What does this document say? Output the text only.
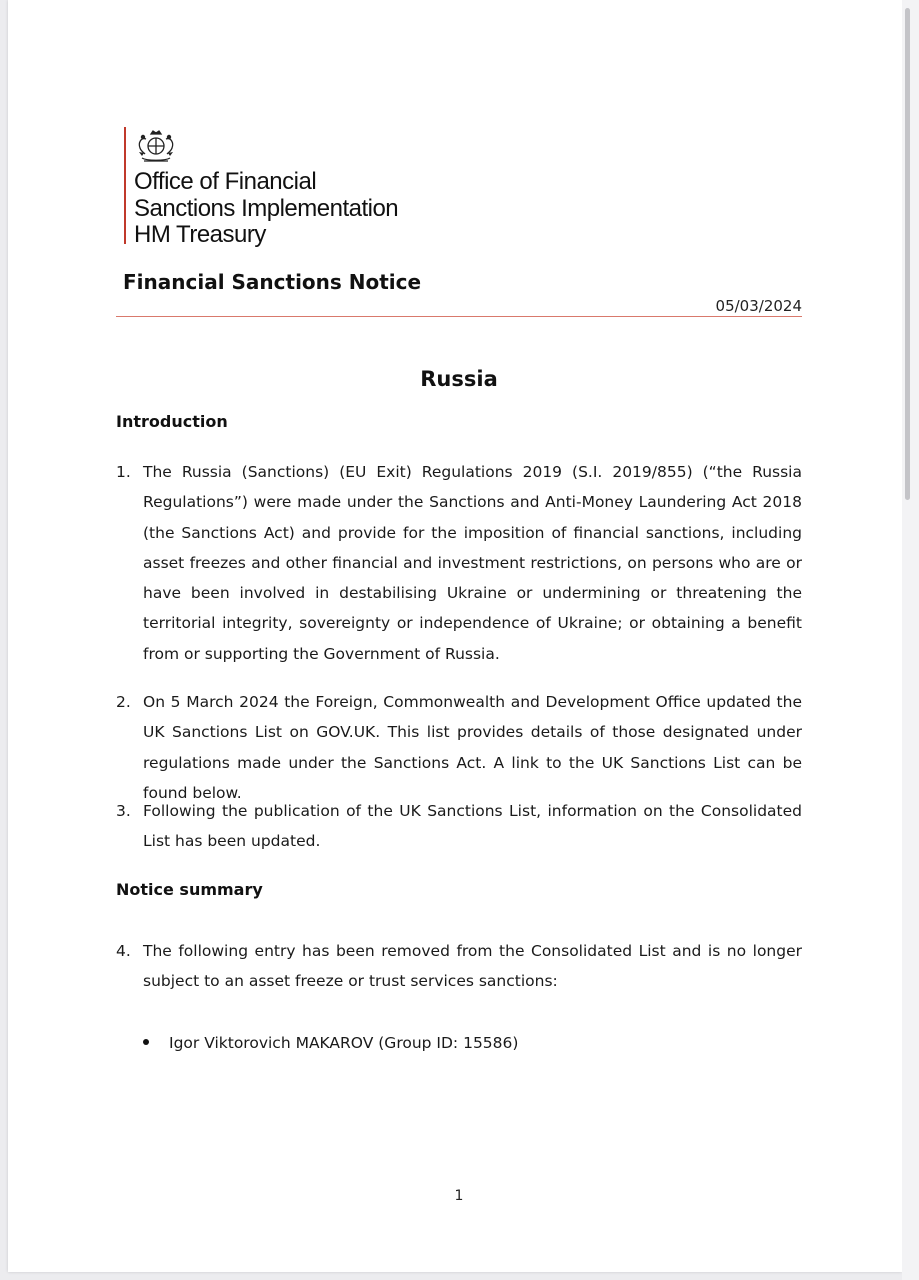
Office of Financial
Sanctions Implementation
HM Treasury
Financial Sanctions Notice
05/03/2024
Russia
Introduction
1. The Russia (Sanctions) (EU Exit) Regulations 2019 (S.I. 2019/855) (“the Russia Regulations”) were made under the Sanctions and Anti-Money Laundering Act 2018 (the Sanctions Act) and provide for the imposition of financial sanctions, including asset freezes and other financial and investment restrictions, on persons who are or have been involved in destabilising Ukraine or undermining or threatening the territorial integrity, sovereignty or independence of Ukraine; or obtaining a benefit from or supporting the Government of Russia.
2. On 5 March 2024 the Foreign, Commonwealth and Development Office updated the UK Sanctions List on GOV.UK. This list provides details of those designated under regulations made under the Sanctions Act. A link to the UK Sanctions List can be found below.
3. Following the publication of the UK Sanctions List, information on the Consolidated List has been updated.
Notice summary
4. The following entry has been removed from the Consolidated List and is no longer subject to an asset freeze or trust services sanctions:
Igor Viktorovich MAKAROV (Group ID: 15586)
1
